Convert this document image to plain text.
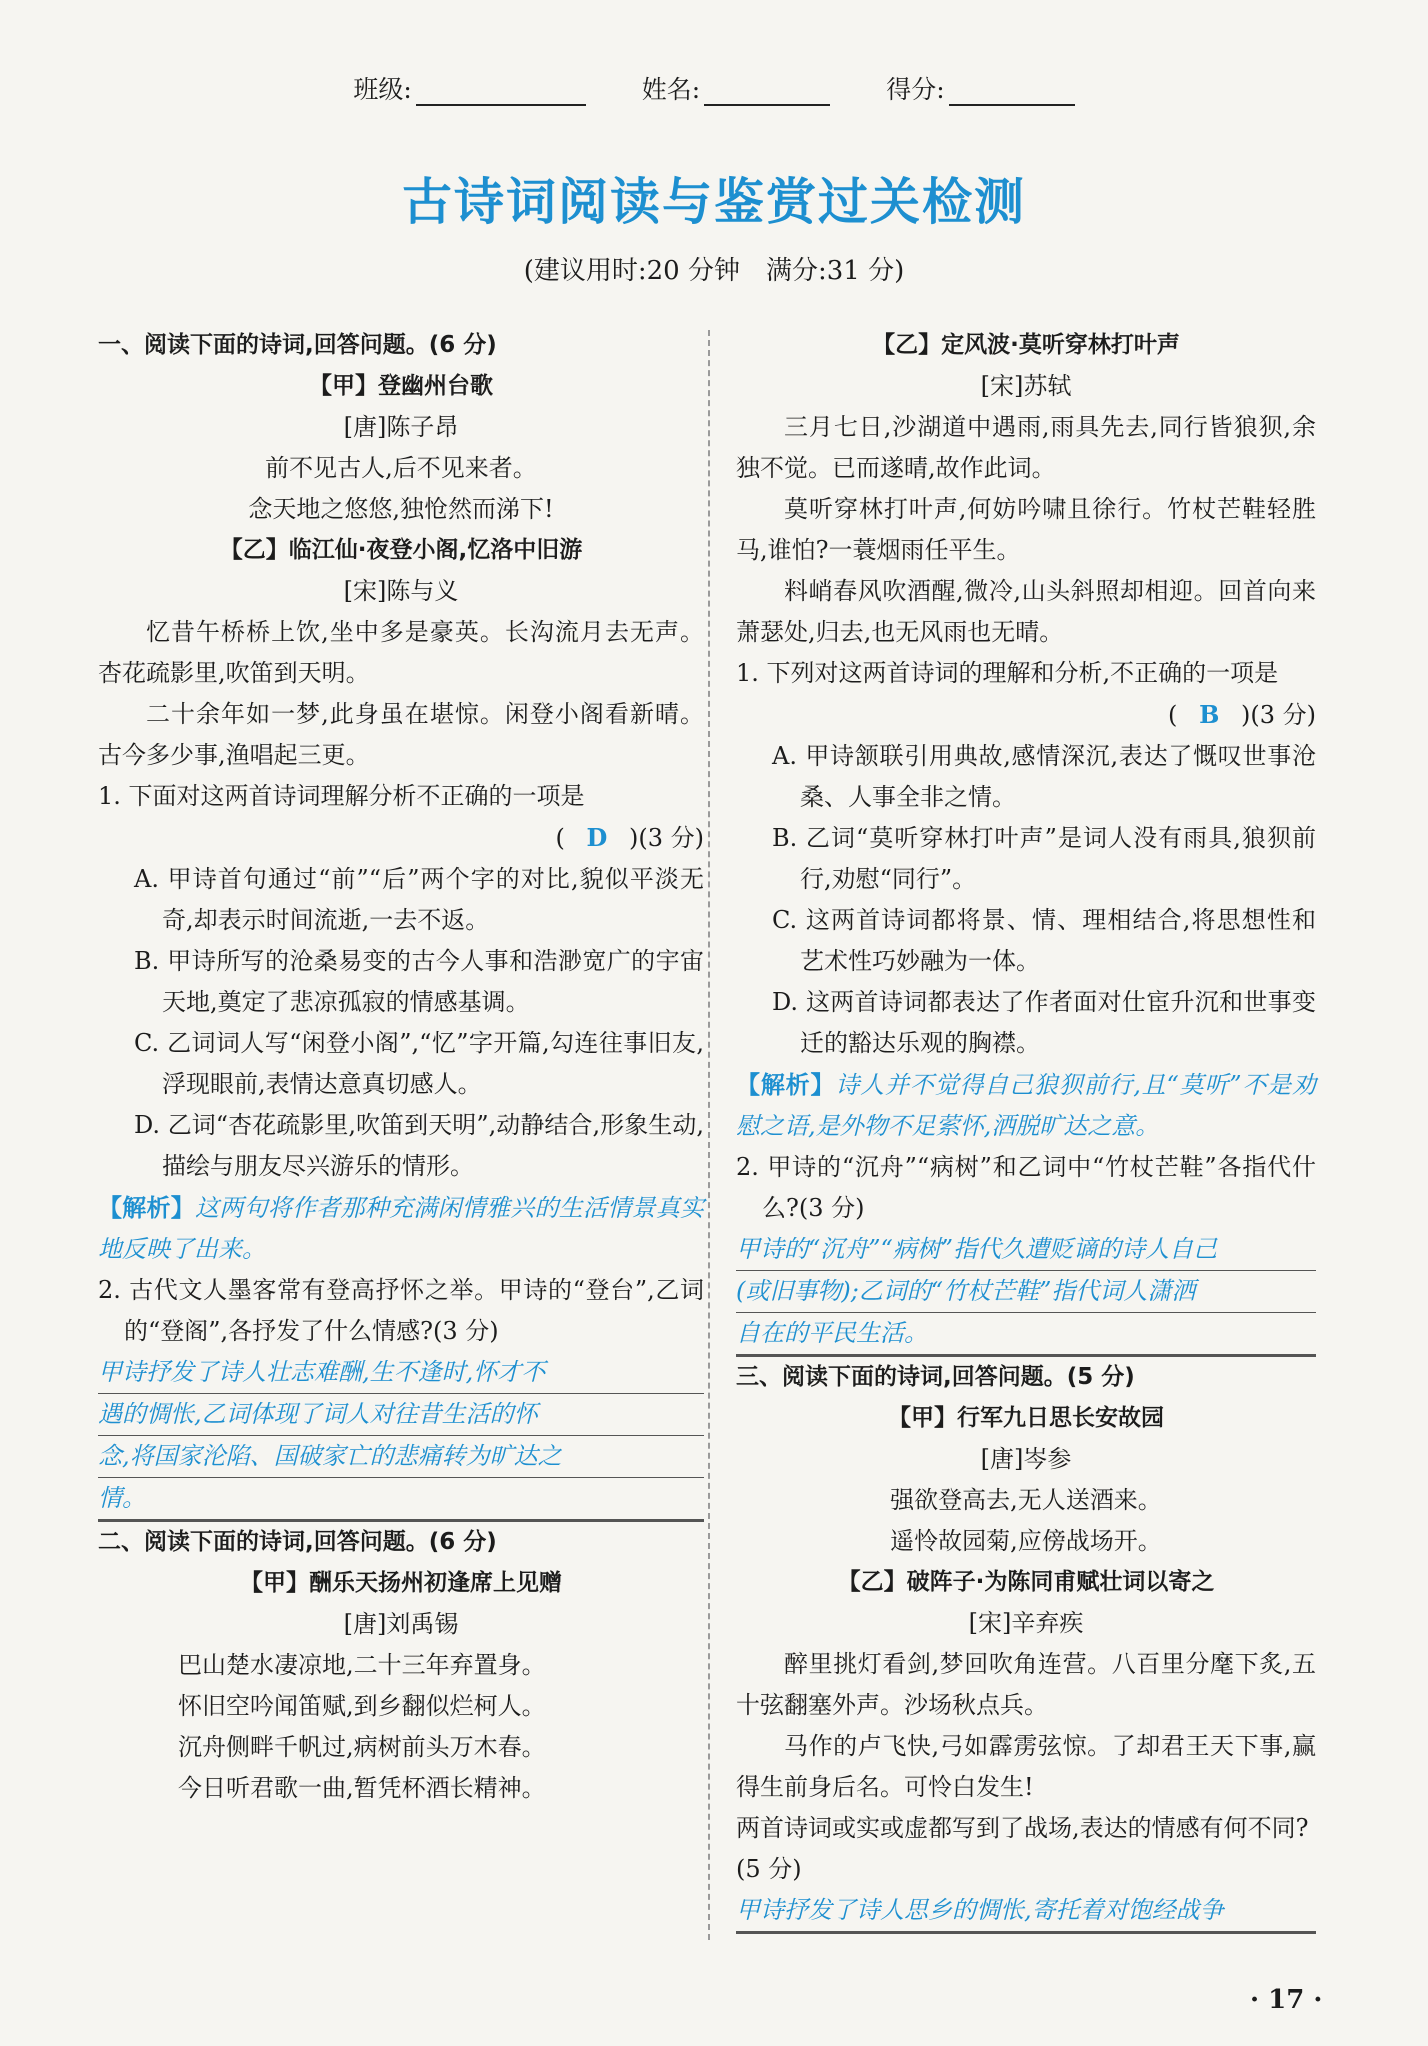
班级:	姓名:	得分:
古诗词阅读与鉴赏过关检测
(建议用时:20 分钟　满分:31 分)
一、阅读下面的诗词,回答问题。(6 分)
【甲】登幽州台歌
[唐]陈子昂
前不见古人,后不见来者。
念天地之悠悠,独怆然而涕下!
【乙】临江仙·夜登小阁,忆洛中旧游
[宋]陈与义
忆昔午桥桥上饮,坐中多是豪英。长沟流月去无声。杏花疏影里,吹笛到天明。
二十余年如一梦,此身虽在堪惊。闲登小阁看新晴。古今多少事,渔唱起三更。
1. 下面对这两首诗词理解分析不正确的一项是
( D )(3 分)
A. 甲诗首句通过“前”“后”两个字的对比,貌似平淡无奇,却表示时间流逝,一去不返。
B. 甲诗所写的沧桑易变的古今人事和浩渺宽广的宇宙天地,奠定了悲凉孤寂的情感基调。
C. 乙词词人写“闲登小阁”,“忆”字开篇,勾连往事旧友,浮现眼前,表情达意真切感人。
D. 乙词“杏花疏影里,吹笛到天明”,动静结合,形象生动,描绘与朋友尽兴游乐的情形。
【解析】这两句将作者那种充满闲情雅兴的生活情景真实地反映了出来。
2. 古代文人墨客常有登高抒怀之举。甲诗的“登台”,乙词的“登阁”,各抒发了什么情感?(3 分)
甲诗抒发了诗人壮志难酬,生不逢时,怀才不
遇的惆怅,乙词体现了词人对往昔生活的怀
念,将国家沦陷、国破家亡的悲痛转为旷达之
情。
二、阅读下面的诗词,回答问题。(6 分)
【甲】酬乐天扬州初逢席上见赠
[唐]刘禹锡
巴山楚水凄凉地,二十三年弃置身。
怀旧空吟闻笛赋,到乡翻似烂柯人。
沉舟侧畔千帆过,病树前头万木春。
今日听君歌一曲,暂凭杯酒长精神。
【乙】定风波·莫听穿林打叶声
[宋]苏轼
三月七日,沙湖道中遇雨,雨具先去,同行皆狼狈,余独不觉。已而遂晴,故作此词。
莫听穿林打叶声,何妨吟啸且徐行。竹杖芒鞋轻胜马,谁怕?一蓑烟雨任平生。
料峭春风吹酒醒,微冷,山头斜照却相迎。回首向来萧瑟处,归去,也无风雨也无晴。
1. 下列对这两首诗词的理解和分析,不正确的一项是
( B )(3 分)
A. 甲诗颔联引用典故,感情深沉,表达了慨叹世事沧桑、人事全非之情。
B. 乙词“莫听穿林打叶声”是词人没有雨具,狼狈前行,劝慰“同行”。
C. 这两首诗词都将景、情、理相结合,将思想性和艺术性巧妙融为一体。
D. 这两首诗词都表达了作者面对仕宦升沉和世事变迁的豁达乐观的胸襟。
【解析】诗人并不觉得自己狼狈前行,且“莫听”不是劝慰之语,是外物不足萦怀,洒脱旷达之意。
2. 甲诗的“沉舟”“病树”和乙词中“竹杖芒鞋”各指代什么?(3 分)
甲诗的“沉舟”“病树”指代久遭贬谪的诗人自己
(或旧事物);乙词的“竹杖芒鞋”指代词人潇洒
自在的平民生活。
三、阅读下面的诗词,回答问题。(5 分)
【甲】行军九日思长安故园
[唐]岑参
强欲登高去,无人送酒来。
遥怜故园菊,应傍战场开。
【乙】破阵子·为陈同甫赋壮词以寄之
[宋]辛弃疾
醉里挑灯看剑,梦回吹角连营。八百里分麾下炙,五十弦翻塞外声。沙场秋点兵。
马作的卢飞快,弓如霹雳弦惊。了却君王天下事,赢得生前身后名。可怜白发生!
两首诗词或实或虚都写到了战场,表达的情感有何不同?(5 分)
甲诗抒发了诗人思乡的惆怅,寄托着对饱经战争
· 17 ·
